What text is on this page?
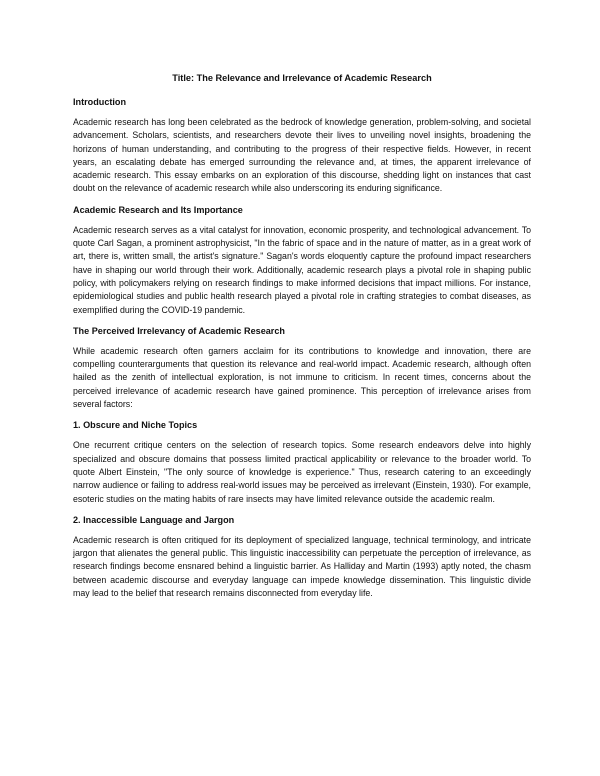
Title: The Relevance and Irrelevance of Academic Research
Introduction

Academic research has long been celebrated as the bedrock of knowledge generation, problem-solving, and societal advancement. Scholars, scientists, and researchers devote their lives to unveiling novel insights, broadening the horizons of human understanding, and contributing to the progress of their respective fields. However, in recent years, an escalating debate has emerged surrounding the relevance and, at times, the apparent irrelevance of academic research. This essay embarks on an exploration of this discourse, shedding light on instances that cast doubt on the relevance of academic research while also underscoring its enduring significance.

Academic Research and Its Importance

Academic research serves as a vital catalyst for innovation, economic prosperity, and technological advancement. To quote Carl Sagan, a prominent astrophysicist, "In the fabric of space and in the nature of matter, as in a great work of art, there is, written small, the artist's signature." Sagan's words eloquently capture the profound impact researchers have in shaping our world through their work. Additionally, academic research plays a pivotal role in shaping public policy, with policymakers relying on research findings to make informed decisions that impact millions. For instance, epidemiological studies and public health research played a pivotal role in crafting strategies to combat diseases, as exemplified during the COVID-19 pandemic.

The Perceived Irrelevancy of Academic Research

While academic research often garners acclaim for its contributions to knowledge and innovation, there are compelling counterarguments that question its relevance and real-world impact. Academic research, although often hailed as the zenith of intellectual exploration, is not immune to criticism. In recent times, concerns about the perceived irrelevance of academic research have gained prominence. This perception of irrelevance arises from several factors:

1. Obscure and Niche Topics

One recurrent critique centers on the selection of research topics. Some research endeavors delve into highly specialized and obscure domains that possess limited practical applicability or relevance to the broader world. To quote Albert Einstein, "The only source of knowledge is experience." Thus, research catering to an exceedingly narrow audience or failing to address real-world issues may be perceived as irrelevant (Einstein, 1930). For example, esoteric studies on the mating habits of rare insects may have limited relevance outside the academic realm.

2. Inaccessible Language and Jargon

Academic research is often critiqued for its deployment of specialized language, technical terminology, and intricate jargon that alienates the general public. This linguistic inaccessibility can perpetuate the perception of irrelevance, as research findings become ensnared behind a linguistic barrier. As Halliday and Martin (1993) aptly noted, the chasm between academic discourse and everyday language can impede knowledge dissemination. This linguistic divide may lead to the belief that research remains disconnected from everyday life.
